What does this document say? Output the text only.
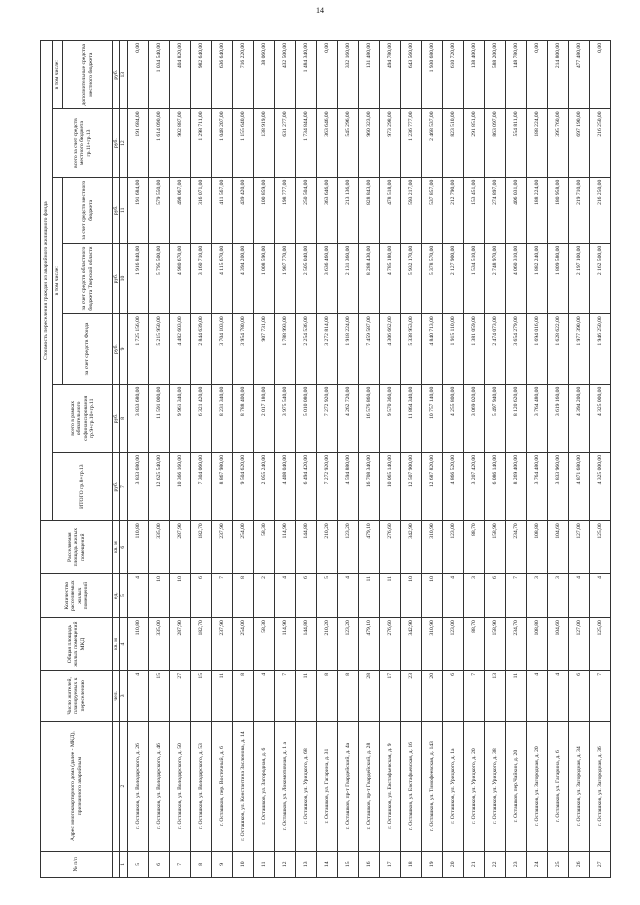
14
№ п/п	Адрес многоквартирного дома (далее - МКД), признанного аварийным	Число жителей, планируемых к переселению	Общая площадь жилых помещений МКД	Количество расселяемых жилых помещений	Расселяемая площадь жилых помещений	Стоимость переселения граждан из аварийного жилищного фонда						
						ИТОГО гр.8+гр.13	всего в рамках обязательного софинансирования гр.9+гр.10+гр.11	в том числе:			всего за счет средств местного бюджета гр.11+гр.13	в том числе:
								за счет средств Фонда	за счет средств областного бюджета Тверской области	за счет средств местного бюджета		дополнительные средства местного бюджета

		чел.	кв. м	ед.	кв. м	руб.	руб.	руб.	руб.	руб.	руб.	руб.
1	2	3	4	5	6	7	8	9	10	11	12	13
5	г. Осташков, ул. Володарского, д. 26	4	110,80	4	110,80	3 833 680,00	3 833 680,00	1 725 156,00	1 916 840,00	191 684,00	191 684,00	0,00
6	г. Осташков, ул. Володарского, д. 46	15	335,00	10	335,00	12 625 540,00	11 591 000,00	5 215 950,00	5 795 500,00	579 550,00	1 614 090,00	1 034 540,00
7	г. Осташков, ул. Володарского, д. 50	27	287,90	10	287,90	10 366 160,00	9 961 340,00	4 482 603,00	4 980 670,00	498 067,00	902 887,00	404 820,00
8	г. Осташков, ул. Володарского, д. 53	15	182,70	6	182,70	7 304 060,00	6 321 420,00	2 844 639,00	3 160 710,00	316 071,00	1 298 711,00	982 640,00
9	г. Осташков, пер. Восточный, д. 6	11	237,90	7	237,90	8 867 980,00	8 231 340,00	3 704 103,00	4 115 670,00	411 567,00	1 048 207,00	636 640,00
10	г. Осташков, ул. Константина Заслонова, д. 14	8	254,00	8	254,00	9 504 620,00	8 788 400,00	3 954 780,00	4 394 200,00	439 420,00	1 155 640,00	716 220,00
11	г. Осташков, ул. Загородная, д. 6	4	58,30	2	58,30	2 055 240,00	2 017 180,00	907 731,00	1 008 590,00	100 859,00	138 919,00	38 060,00
12	г. Осташков, ул. Локомотивная, д. 1 а	7	114,90	4	114,90	4 408 040,00	3 975 540,00	1 788 993,00	1 987 770,00	198 777,00	631 277,00	432 500,00
13	г. Осташков, ул. Урицкого, д. 68	11	144,80	6	144,80	6 494 420,00	5 010 080,00	2 254 536,00	2 505 040,00	250 504,00	1 734 844,00	1 484 340,00
14	г. Осташков, ул. Гагарина, д. 31	8	210,20	5	210,20	7 272 920,00	7 272 920,00	3 272 814,00	3 636 460,00	363 646,00	363 646,00	0,00
15	г. Осташков, пр-т Гвардейский, д. 4а	8	123,20	4	123,20	4 594 880,00	4 262 720,00	1 918 224,00	2 131 360,00	213 136,00	545 296,00	332 160,00
16	г. Осташков, пр-т Гвардейский, д. 28	28	479,10	11	479,10	16 708 340,00	16 576 860,00	7 459 587,00	8 288 430,00	828 843,00	960 323,00	131 480,00
17	г. Осташков, ул. Евстафьевская, д. 9	17	276,60	11	276,60	10 065 140,00	9 570 360,00	4 306 662,00	4 785 180,00	478 518,00	973 298,00	494 780,00
18	г. Осташков, ул. Евстафьевская, д. 16	23	342,90	10	342,90	12 507 900,00	11 864 340,00	5 338 953,00	5 932 170,00	593 217,00	1 236 777,00	643 560,00
19	г. Осташков, ул. Тимофеевская, д. 143	20	310,90	10	310,90	12 687 820,00	10 757 140,00	4 840 713,00	5 378 570,00	537 857,00	2 468 537,00	1 930 680,00
20	г. Осташков, ул. Урицкого, д. 1а	6	123,00	4	123,00	4 866 520,00	4 255 800,00	1 915 110,00	2 127 900,00	212 790,00	823 510,00	610 720,00
21	г. Осташков, ул. Урицкого, д. 20	7	88,70	3	88,70	3 207 420,00	3 069 020,00	1 381 059,00	1 534 510,00	153 451,00	291 851,00	138 400,00
22	г. Осташков, ул. Урицкого, д. 38	13	158,90	6	158,90	6 086 140,00	5 497 940,00	2 474 073,00	2 748 970,00	274 897,00	863 097,00	588 200,00
23	г. Осташков, пер.Чайкин, д. 20	11	234,70	7	234,70	8 269 400,00	8 120 620,00	3 654 279,00	4 060 310,00	406 031,00	554 811,00	148 780,00
24	г. Осташков, ул. Загородная, д. 20	4	108,80	3	108,80	3 764 480,00	3 764 480,00	1 694 016,00	1 882 240,00	188 224,00	188 224,00	0,00
25	г. Осташков, ул. Гагарина, д. 6	4	104,60	3	104,60	3 833 960,00	3 619 160,00	1 628 622,00	1 809 580,00	180 958,00	395 760,00	214 800,00
26	г. Осташков, ул. Загородная, д. 34	6	127,00	4	127,00	4 871 680,00	4 394 200,00	1 977 390,00	2 197 100,00	219 710,00	697 190,00	477 480,00
27	г. Осташков, ул. Загородная, д. 36	7	125,00	4	125,00	4 325 000,00	4 325 000,00	1 946 250,00	2 162 500,00	216 250,00	216 250,00	0,00
